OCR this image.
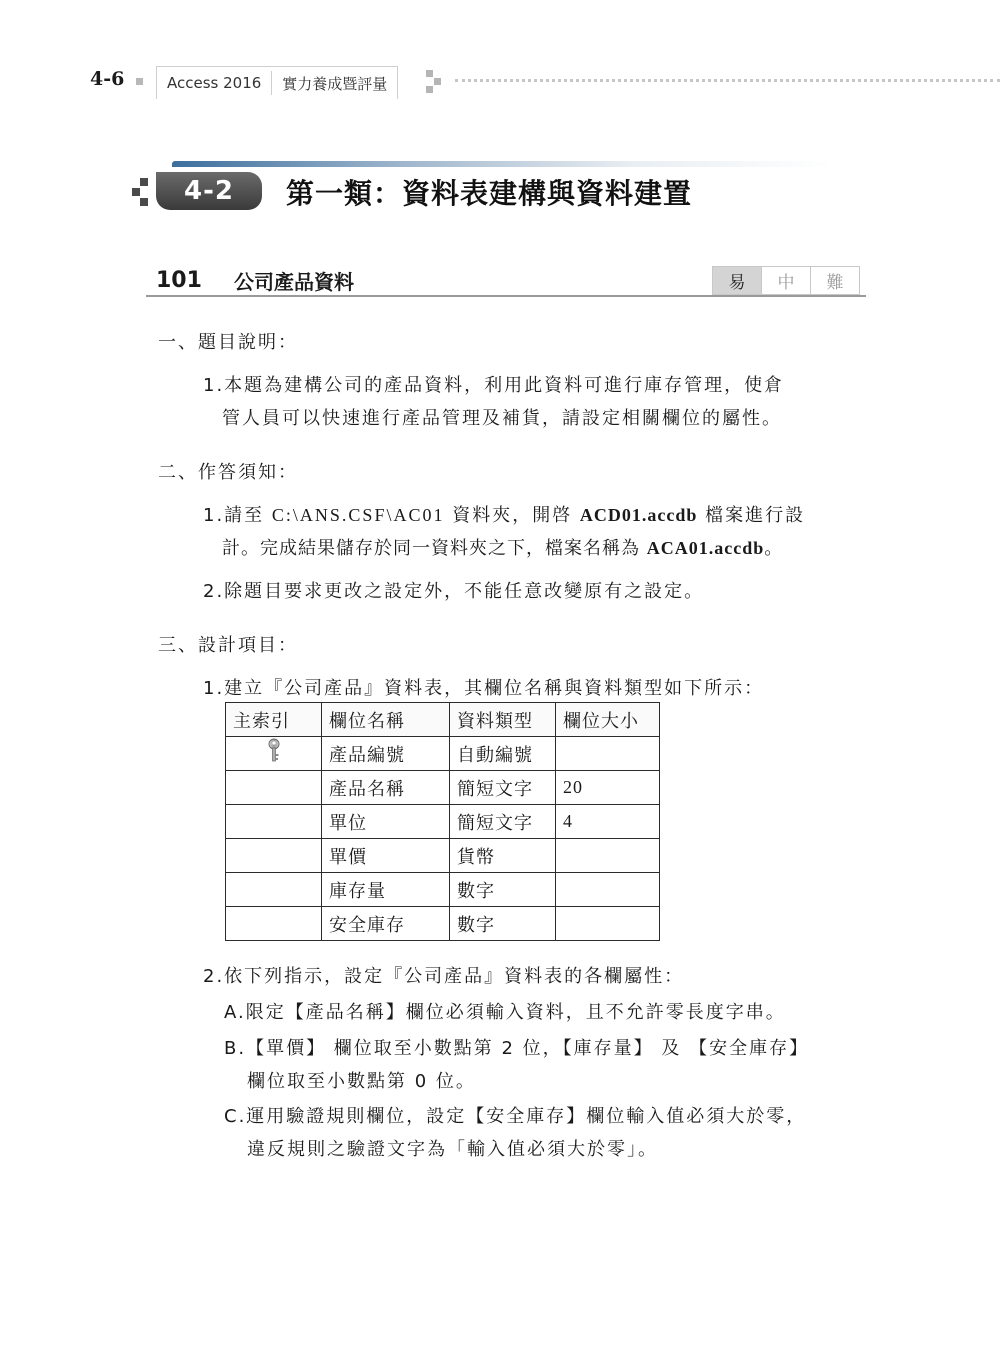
4-6	Access 2016	實力養成暨評量
4-2	第一類：資料表建構與資料建置
101 公司產品資料	易	中	難
一、題目說明：
1.本題為建構公司的產品資料，利用此資料可進行庫存管理，使倉
管人員可以快速進行產品管理及補貨，請設定相關欄位的屬性。
二、作答須知：
1.請至 C:\ANS.CSF\AC01 資料夾，開啓 ACD01.accdb 檔案進行設
計。完成結果儲存於同一資料夾之下，檔案名稱為 ACA01.accdb。
2.除題目要求更改之設定外，不能任意改變原有之設定。
三、設計項目：
1.建立『公司產品』資料表，其欄位名稱與資料類型如下所示：
主索引	欄位名稱	資料類型	欄位大小
	產品編號	自動編號	
	產品名稱	簡短文字	20
	單位	簡短文字	4
	單價	貨幣	
	庫存量	數字	
	安全庫存	數字	
2.依下列指示，設定『公司產品』資料表的各欄屬性：
A.限定【產品名稱】欄位必須輸入資料，且不允許零長度字串。
B.【單價】 欄位取至小數點第 2 位，【庫存量】 及 【安全庫存】
欄位取至小數點第 0 位。
C.運用驗證規則欄位，設定【安全庫存】欄位輸入值必須大於零，
違反規則之驗證文字為「輸入值必須大於零」。
